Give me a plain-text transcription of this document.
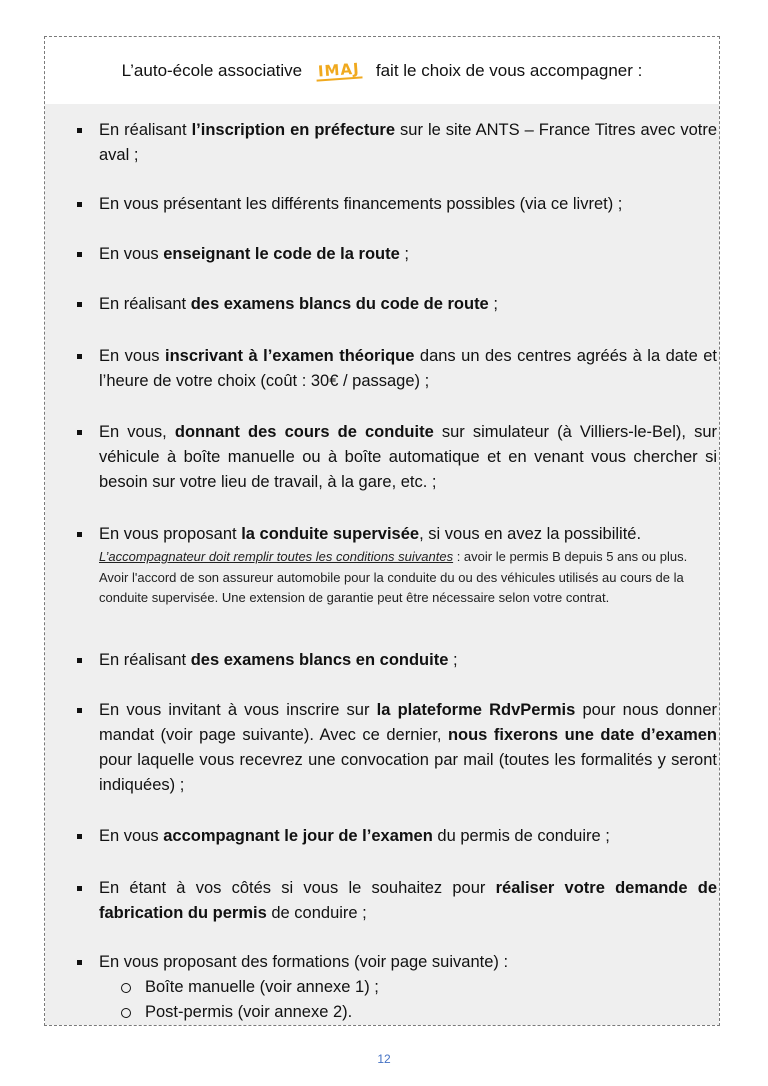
L’auto-école associative IMAJ fait le choix de vous accompagner :
En réalisant l’inscription en préfecture sur le site ANTS – France Titres avec votre aval ;
En vous présentant les différents financements possibles (via ce livret) ;
En vous enseignant le code de la route ;
En réalisant des examens blancs du code de route ;
En vous inscrivant à l’examen théorique dans un des centres agréés à la date et l’heure de votre choix (coût : 30€ / passage) ;
En vous, donnant des cours de conduite sur simulateur (à Villiers-le-Bel), sur véhicule à boîte manuelle ou à boîte automatique et en venant vous chercher si besoin sur votre lieu de travail, à la gare, etc. ;
En vous proposant la conduite supervisée, si vous en avez la possibilité.
L’accompagnateur doit remplir toutes les conditions suivantes : avoir le permis B depuis 5 ans ou plus. Avoir l'accord de son assureur automobile pour la conduite du ou des véhicules utilisés au cours de la conduite supervisée. Une extension de garantie peut être nécessaire selon votre contrat.
En réalisant des examens blancs en conduite ;
En vous invitant à vous inscrire sur la plateforme RdvPermis pour nous donner mandat (voir page suivante). Avec ce dernier, nous fixerons une date d’examen pour laquelle vous recevrez une convocation par mail (toutes les formalités y seront indiquées) ;
En vous accompagnant le jour de l’examen du permis de conduire ;
En étant à vos côtés si vous le souhaitez pour réaliser votre demande de fabrication du permis de conduire ;
En vous proposant des formations (voir page suivante) :
Boîte manuelle (voir annexe 1) ;
Post-permis (voir annexe 2).
12
